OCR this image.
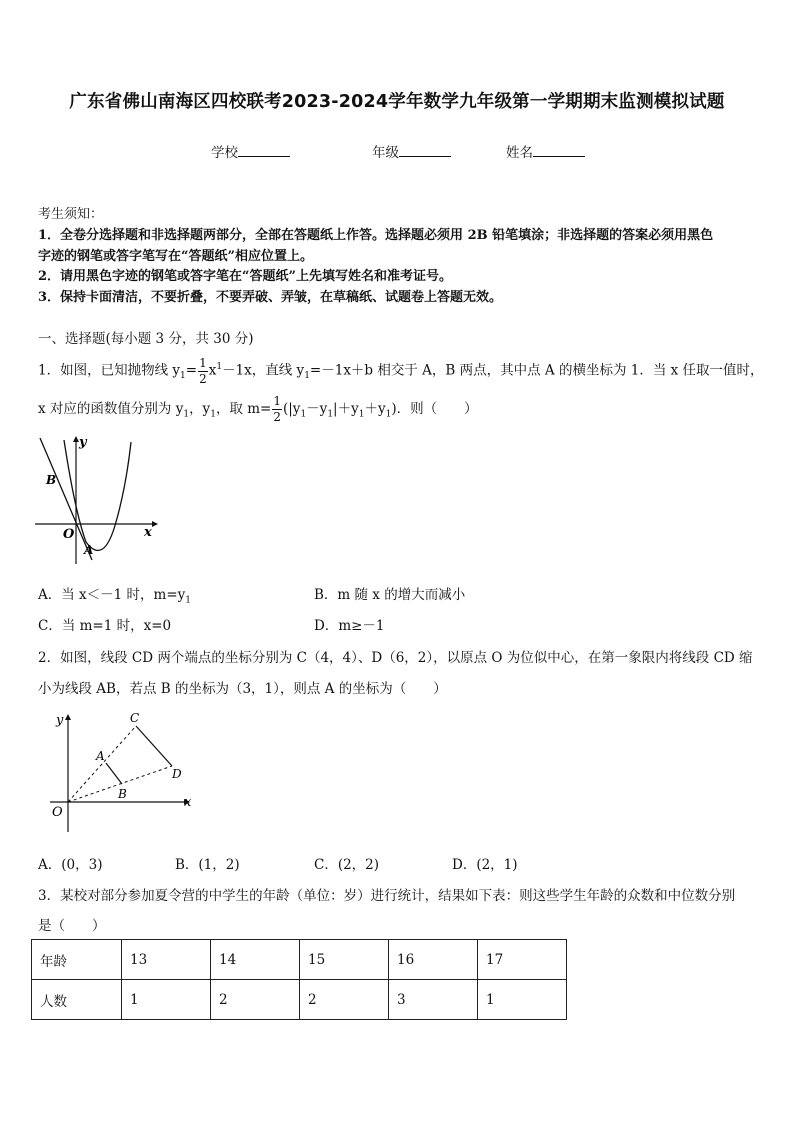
广东省佛山南海区四校联考2023-2024学年数学九年级第一学期期末监测模拟试题
学校	年级	姓名
考生须知：
1．全卷分选择题和非选择题两部分，全部在答题纸上作答。选择题必须用 2B 铅笔填涂；非选择题的答案必须用黑色
字迹的钢笔或答字笔写在“答题纸”相应位置上。
2．请用黑色字迹的钢笔或答字笔在“答题纸”上先填写姓名和准考证号。
3．保持卡面清洁，不要折叠，不要弄破、弄皱，在草稿纸、试题卷上答题无效。
一、选择题(每小题 3 分，共 30 分)
1．如图，已知抛物线 $y_1= \frac{1}{2} x^1-1x$，直线 $y_1=-1x+b$ 相交于 A，B 两点，其中点 A 的横坐标为 1．当 x 任取一值时，
x 对应的函数值分别为 $y_1$，$y_1$，取 $m= \frac{1}{2} (|y_1-y_1|+y_1+y_1)$．则（　　）
y
x
O
A
B
A．当 x＜－1 时，$m=y_1$	B．m 随 x 的增大而减小
C．当 m=1 时，x=0	D．m≥－1
2．如图，线段 CD 两个端点的坐标分别为 C（4，4）、D（6，2），以原点 O 为位似中心，在第一象限内将线段 CD 缩
小为线段 AB，若点 B 的坐标为（3，1），则点 A 的坐标为（　　）
y
x
O
A
B
C
D
A．(0，3)	B．(1，2)	C．(2，2)	D．(2，1)
3．某校对部分参加夏令营的中学生的年龄（单位：岁）进行统计，结果如下表：则这些学生年龄的众数和中位数分别
是（　　）
年龄	13	14	15	16	17
人数	1	2	2	3	1
